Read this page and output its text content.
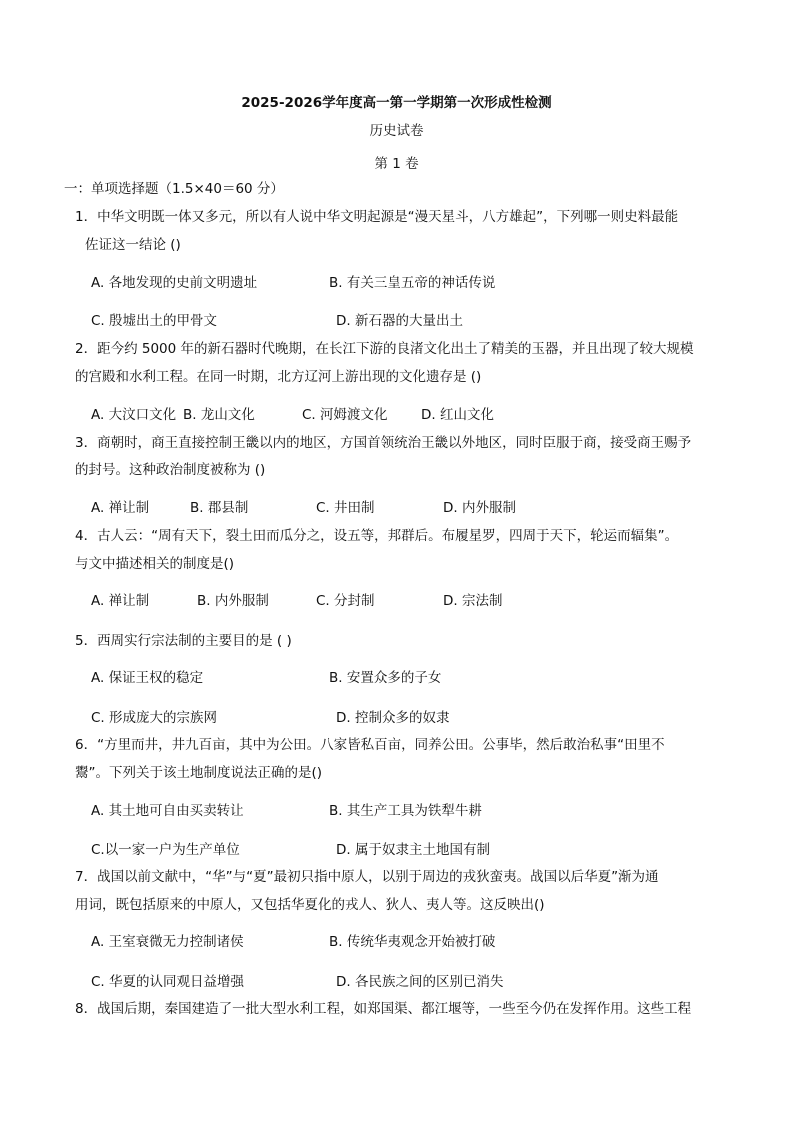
2025-2026学年度高一第一学期第一次形成性检测
历史试卷
第 1 卷
一：单项选择题（1.5×40＝60 分）
1．中华文明既一体又多元，所以有人说中华文明起源是“漫天星斗，八方雄起”，下列哪一则史料最能
佐证这一结论 ()
A. 各地发现的史前文明遗址	B. 有关三皇五帝的神话传说
C. 殷墟出土的甲骨文	D. 新石器的大量出土
2．距今约 5000 年的新石器时代晚期，在长江下游的良渚文化出土了精美的玉器，并且出现了较大规模
的宫殿和水利工程。在同一时期，北方辽河上游出现的文化遗存是 ()
A. 大汶口文化 B. 龙山文化	C. 河姆渡文化 D. 红山文化
3．商朝时，商王直接控制王畿以内的地区，方国首领统治王畿以外地区，同时臣服于商，接受商王赐予
的封号。这种政治制度被称为 ()
A. 禅让制	B. 郡县制	C. 井田制	D. 内外服制
4．古人云：“周有天下，裂土田而瓜分之，设五等，邦群后。布履星罗，四周于天下，轮运而辐集”。
与文中描述相关的制度是()
A. 禅让制	B. 内外服制	C. 分封制	D. 宗法制
5．西周实行宗法制的主要目的是 ( )
A. 保证王权的稳定	B. 安置众多的子女
C. 形成庞大的宗族网	D. 控制众多的奴隶
6．“方里而井，井九百亩，其中为公田。八家皆私百亩，同养公田。公事毕，然后敢治私事“田里不
鬻”。下列关于该土地制度说法正确的是()
A. 其土地可自由买卖转让	B. 其生产工具为铁犁牛耕
C.以一家一户为生产单位	D. 属于奴隶主土地国有制
7．战国以前文献中，“华”与“夏”最初只指中原人，以别于周边的戎狄蛮夷。战国以后华夏”渐为通
用词，既包括原来的中原人，又包括华夏化的戎人、狄人、夷人等。这反映出()
A. 王室衰微无力控制诸侯	B. 传统华夷观念开始被打破
C. 华夏的认同观日益增强	D. 各民族之间的区别已消失
8．战国后期，秦国建造了一批大型水利工程，如郑国渠、都江堰等，一些至今仍在发挥作用。这些工程
